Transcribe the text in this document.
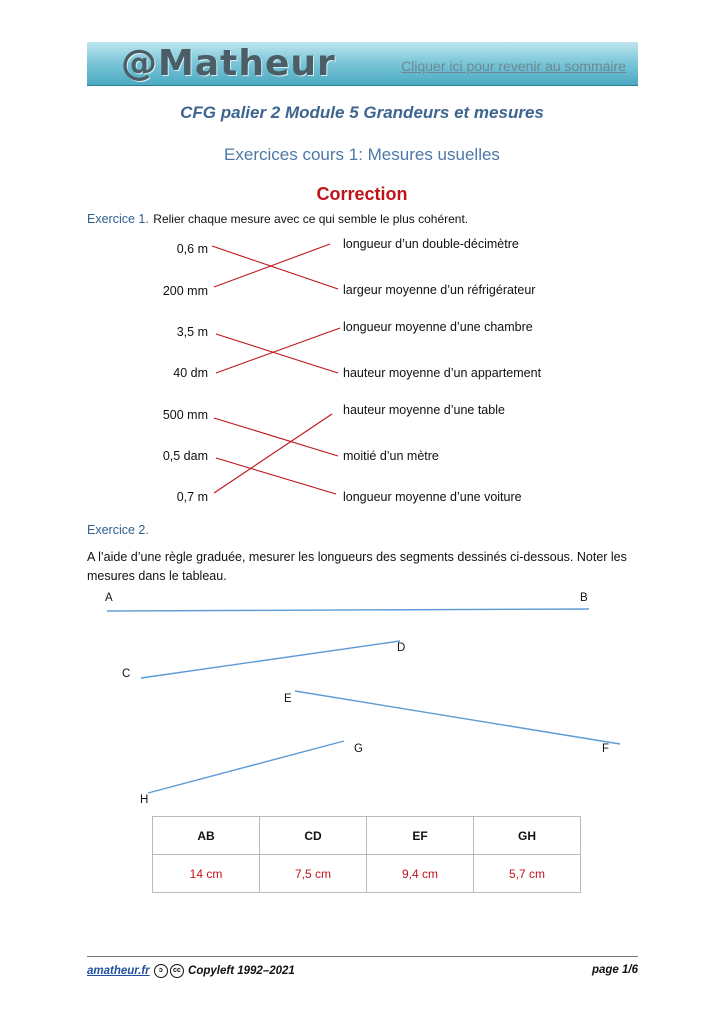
@Matheur	Cliquer ici pour revenir au sommaire
CFG palier 2 Module 5 Grandeurs et mesures
Exercices cours 1: Mesures usuelles
Correction
Exercice 1. Relier chaque mesure avec ce qui semble le plus cohérent.
0,6 m
200 mm
3,5 m
40 dm
500 mm
0,5 dam
0,7 m
longueur d’un double-décimètre
largeur moyenne d’un réfrigérateur
longueur moyenne d’une chambre
hauteur moyenne d’un appartement
hauteur moyenne d’une table
moitié d’un mètre
longueur moyenne d’une voiture
Exercice 2.
A l’aide d’une règle graduée, mesurer les longueurs des segments dessinés ci-dessous. Noter les mesures dans le tableau.
A	B
C
D
E
F
G
H
AB	CD	EF	GH
14 cm	7,5 cm	9,4 cm	5,7 cm
amatheur.fr ↄ cc Copyleft 1992–2021	page 1/6
